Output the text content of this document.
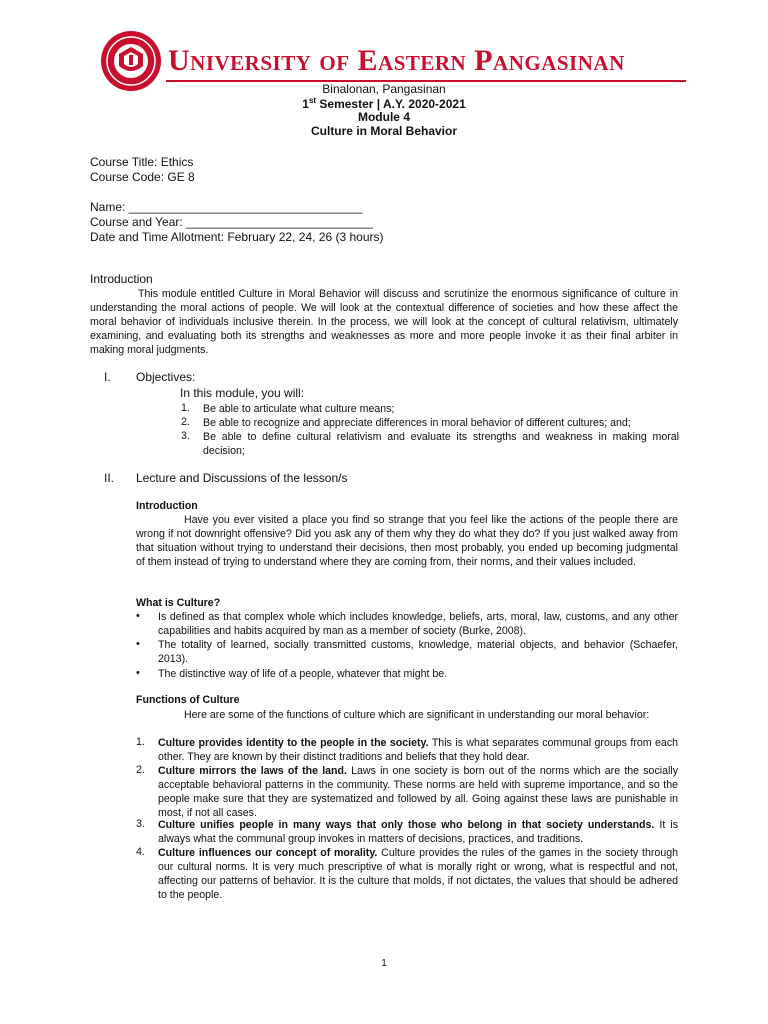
University of Eastern Pangasinan
Binalonan, Pangasinan
1st Semester | A.Y. 2020-2021
Module 4
Culture in Moral Behavior
Course Title: Ethics
Course Code: GE 8
Name: ___________________________________
Course and Year: ____________________________
Date and Time Allotment: February 22, 24, 26 (3 hours)
Introduction
This module entitled Culture in Moral Behavior will discuss and scrutinize the enormous significance of culture in understanding the moral actions of people. We will look at the contextual difference of societies and how these affect the moral behavior of individuals inclusive therein. In the process, we will look at the concept of cultural relativism, ultimately examining, and evaluating both its strengths and weaknesses as more and more people invoke it as their final arbiter in making moral judgments.
I. Objectives:
In this module, you will:
1. Be able to articulate what culture means;
2. Be able to recognize and appreciate differences in moral behavior of different cultures; and;
3. Be able to define cultural relativism and evaluate its strengths and weakness in making moral decision;
II. Lecture and Discussions of the lesson/s
Introduction
Have you ever visited a place you find so strange that you feel like the actions of the people there are wrong if not downright offensive? Did you ask any of them why they do what they do? If you just walked away from that situation without trying to understand their decisions, then most probably, you ended up becoming judgmental of them instead of trying to understand where they are coming from, their norms, and their values included.
What is Culture?
• Is defined as that complex whole which includes knowledge, beliefs, arts, moral, law, customs, and any other capabilities and habits acquired by man as a member of society (Burke, 2008).
• The totality of learned, socially transmitted customs, knowledge, material objects, and behavior (Schaefer, 2013).
• The distinctive way of life of a people, whatever that might be.
Functions of Culture
Here are some of the functions of culture which are significant in understanding our moral behavior:
1. Culture provides identity to the people in the society. This is what separates communal groups from each other. They are known by their distinct traditions and beliefs that they hold dear.
2. Culture mirrors the laws of the land. Laws in one society is born out of the norms which are the socially acceptable behavioral patterns in the community. These norms are held with supreme importance, and so the people make sure that they are systematized and followed by all. Going against these laws are punishable in most, if not all cases.
3. Culture unifies people in many ways that only those who belong in that society understands. It is always what the communal group invokes in matters of decisions, practices, and traditions.
4. Culture influences our concept of morality. Culture provides the rules of the games in the society through our cultural norms. It is very much prescriptive of what is morally right or wrong, what is respectful and not, affecting our patterns of behavior. It is the culture that molds, if not dictates, the values that should be adhered to the people.
1
